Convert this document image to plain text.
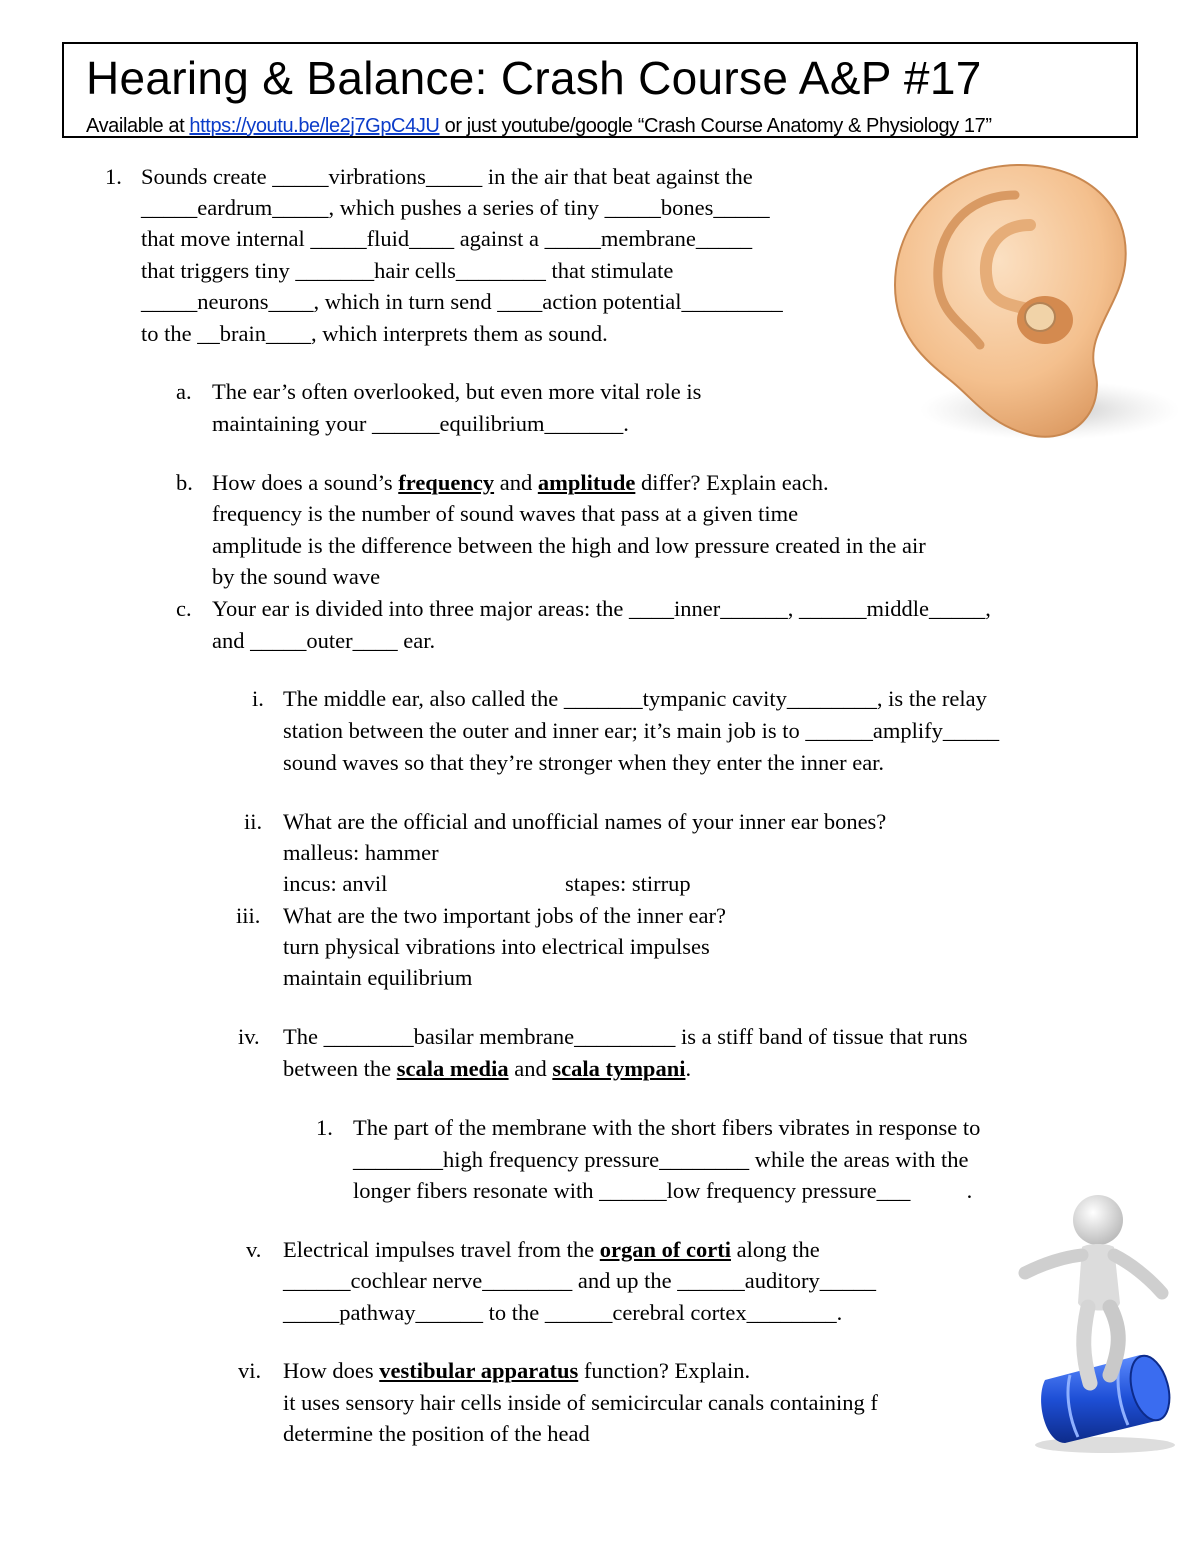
Hearing & Balance: Crash Course A&P #17
Available at https://youtu.be/le2j7GpC4JU or just youtube/google “Crash Course Anatomy & Physiology 17”
1. Sounds create _____virbrations_____ in the air that beat against the
_____eardrum_____, which pushes a series of tiny _____bones_____
that move internal _____fluid____ against a _____membrane_____
that triggers tiny _______hair cells________ that stimulate
_____neurons____, which in turn send ____action potential_________
to the __brain____, which interprets them as sound.
a. The ear’s often overlooked, but even more vital role is
maintaining your ______equilibrium_______.
b. How does a sound’s frequency and amplitude differ? Explain each.
frequency is the number of sound waves that pass at a given time
amplitude is the difference between the high and low pressure created in the air
by the sound wave
c. Your ear is divided into three major areas: the ____inner______, ______middle_____,
and _____outer____ ear.
i. The middle ear, also called the _______tympanic cavity________, is the relay
station between the outer and inner ear; it’s main job is to ______amplify_____
sound waves so that they’re stronger when they enter the inner ear.
ii. What are the official and unofficial names of your inner ear bones?
malleus: hammer
incus: anvil	stapes: stirrup
iii. What are the two important jobs of the inner ear?
turn physical vibrations into electrical impulses
maintain equilibrium
iv. The ________basilar membrane_________ is a stiff band of tissue that runs
between the scala media and scala tympani.
1. The part of the membrane with the short fibers vibrates in response to
________high frequency pressure________ while the areas with the
longer fibers resonate with ______low frequency pressure___          .
v. Electrical impulses travel from the organ of corti along the
______cochlear nerve________ and up the ______auditory_____
_____pathway______ to the ______cerebral cortex________.
vi. How does vestibular apparatus function? Explain.
it uses sensory hair cells inside of semicircular canals containing f
determine the position of the head
